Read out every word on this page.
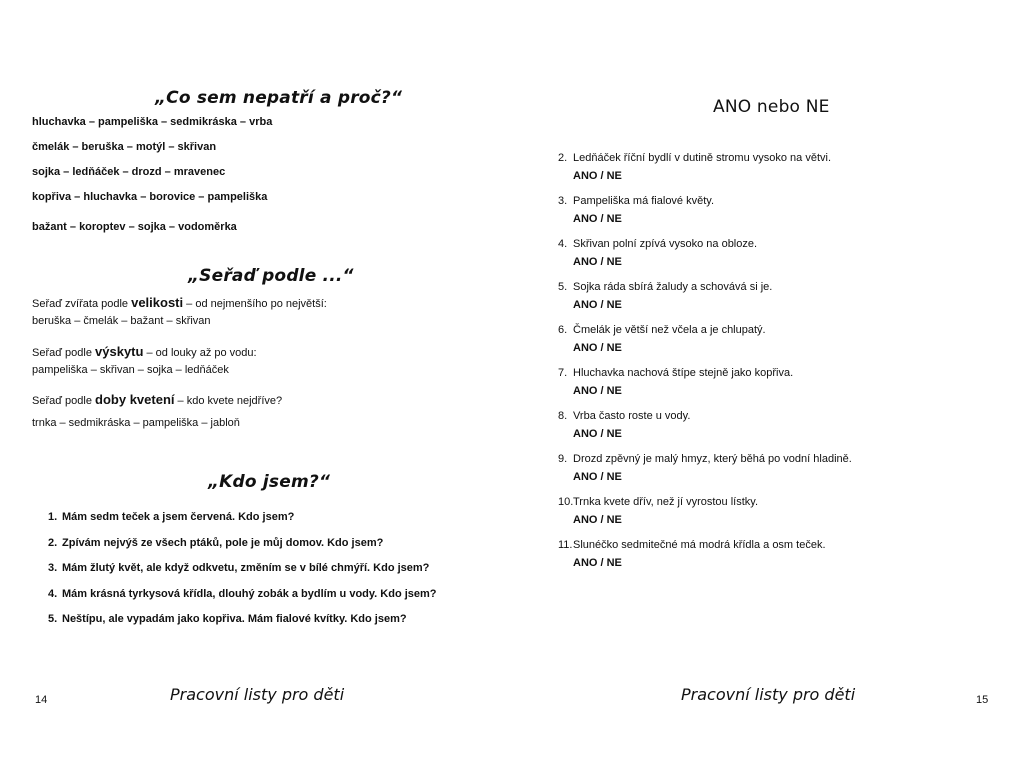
„Co sem nepatří a proč?“
hluchavka – pampeliška – sedmikráska – vrba
čmelák – beruška – motýl – skřivan
sojka – ledňáček – drozd – mravenec
kopřiva – hluchavka – borovice – pampeliška
bažant – koroptev – sojka – vodoměrka
„Seřaď podle ...“
Seřaď zvířata podle velikosti – od nejmenšího po největší:
beruška – čmelák – bažant – skřivan
Seřaď podle výskytu – od louky až po vodu:
pampeliška – skřivan – sojka – ledňáček
Seřaď podle doby kvetení – kdo kvete nejdříve?
trnka – sedmikráska – pampeliška – jabloň
„Kdo jsem?“
1. Mám sedm teček a jsem červená. Kdo jsem?
2. Zpívám nejvýš ze všech ptáků, pole je můj domov. Kdo jsem?
3. Mám žlutý květ, ale když odkvetu, změním se v bílé chmýří. Kdo jsem?
4. Mám krásná tyrkysová křídla, dlouhý zobák a bydlím u vody. Kdo jsem?
5. Neštípu, ale vypadám jako kopřiva. Mám fialové kvítky. Kdo jsem?
14	Pracovní listy pro děti
ANO nebo NE
2. Ledňáček říční bydlí v dutině stromu vysoko na větvi.
ANO / NE
3. Pampeliška má fialové květy.
ANO / NE
4. Skřivan polní zpívá vysoko na obloze.
ANO / NE
5. Sojka ráda sbírá žaludy a schovává si je.
ANO / NE
6. Čmelák je větší než včela a je chlupatý.
ANO / NE
7. Hluchavka nachová štípe stejně jako kopřiva.
ANO / NE
8. Vrba často roste u vody.
ANO / NE
9. Drozd zpěvný je malý hmyz, který běhá po vodní hladině.
ANO / NE
10.Trnka kvete dřív, než jí vyrostou lístky.
ANO / NE
11.Slunéčko sedmitečné má modrá křídla a osm teček.
ANO / NE
Pracovní listy pro děti	15
